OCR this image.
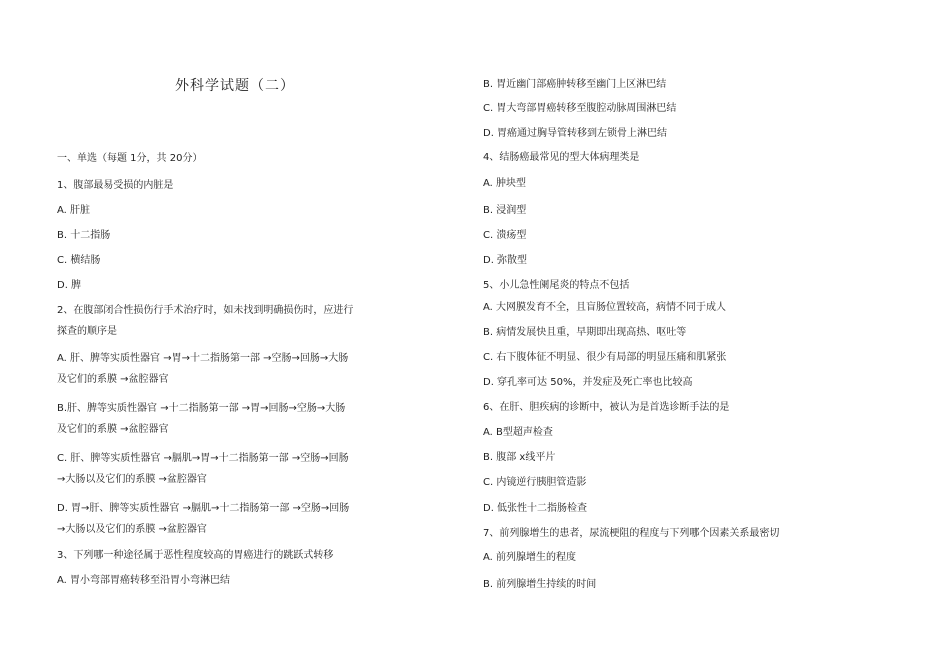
外科学试题（二）
一、单选（每题 1分，共 20分）
1、腹部最易受损的内脏是
A. 肝脏
B. 十二指肠
C. 横结肠
D. 脾
2、在腹部闭合性损伤行手术治疗时，如未找到明确损伤时，应进行
探查的顺序是
A. 肝、脾等实质性器官 →胃→十二指肠第一部 →空肠→回肠→大肠
及它们的系膜 →盆腔器官
B.肝、脾等实质性器官 →十二指肠第一部 →胃→回肠→空肠→大肠
及它们的系膜 →盆腔器官
C. 肝、脾等实质性器官 →膈肌→胃→十二指肠第一部 →空肠→回肠
→大肠以及它们的系膜 →盆腔器官
D. 胃→肝、脾等实质性器官 →膈肌→十二指肠第一部 →空肠→回肠
→大肠以及它们的系膜 →盆腔器官
3、下列哪一种途径属于恶性程度较高的胃癌进行的跳跃式转移
A. 胃小弯部胃癌转移至沿胃小弯淋巴结
B. 胃近幽门部癌肿转移至幽门上区淋巴结
C. 胃大弯部胃癌转移至腹腔动脉周围淋巴结
D. 胃癌通过胸导管转移到左锁骨上淋巴结
4、结肠癌最常见的型大体病理类是
A. 肿块型
B. 浸润型
C. 溃疡型
D. 弥散型
5、小儿急性阑尾炎的特点不包括
A. 大网膜发育不全，且盲肠位置较高，病情不同于成人
B. 病情发展快且重，早期即出现高热、呕吐等
C. 右下腹体征不明显、很少有局部的明显压痛和肌紧张
D. 穿孔率可达 50%，并发症及死亡率也比较高
6、在肝、胆疾病的诊断中，被认为是首选诊断手法的是
A. B型超声检查
B. 腹部 x线平片
C. 内镜逆行胰胆管造影
D. 低张性十二指肠检查
7、前列腺增生的患者，尿流梗阻的程度与下列哪个因素关系最密切
A. 前列腺增生的程度
B. 前列腺增生持续的时间
